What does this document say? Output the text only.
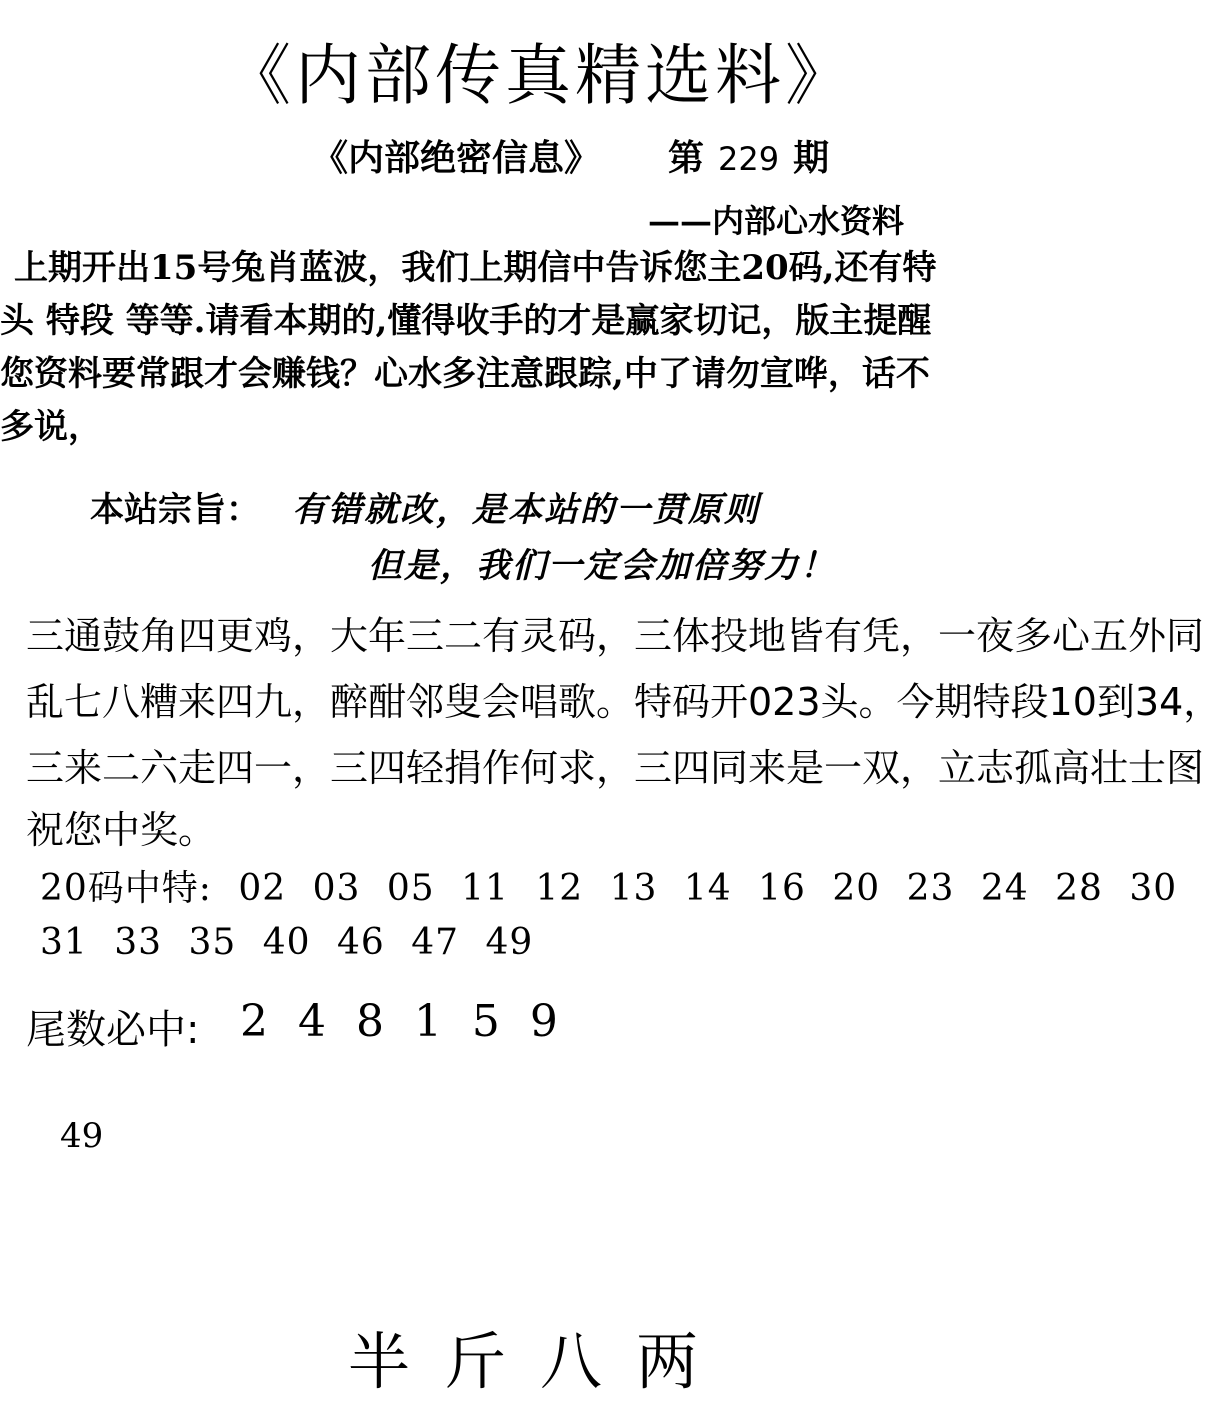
《内部传真精选料》
《内部绝密信息》 第 229 期
——内部心水资料
上期开出15号兔肖蓝波，我们上期信中告诉您主20码,还有特
头 特段 等等.请看本期的,懂得收手的才是赢家切记，版主提醒
您资料要常跟才会赚钱？心水多注意跟踪,中了请勿宣哗，话不
多说，
本站宗旨： 有错就改，是本站的一贯原则
但是，我们一定会加倍努力！
三通鼓角四更鸡，大年三二有灵码，三体投地皆有凭，一夜多心五外同
乱七八糟来四九，醉酣邻叟会唱歌。特码开023头。今期特段10到34，
三来二六走四一，三四轻捐作何求，三四同来是一双，立志孤高壮士图
祝您中奖。
20码中特: 02 03 05 11 12 13 14 16 20 23 24 28 30
31 33 35 40 46 47 49
尾数必中: 2 4 8 1 5 9
49
半斤八两
